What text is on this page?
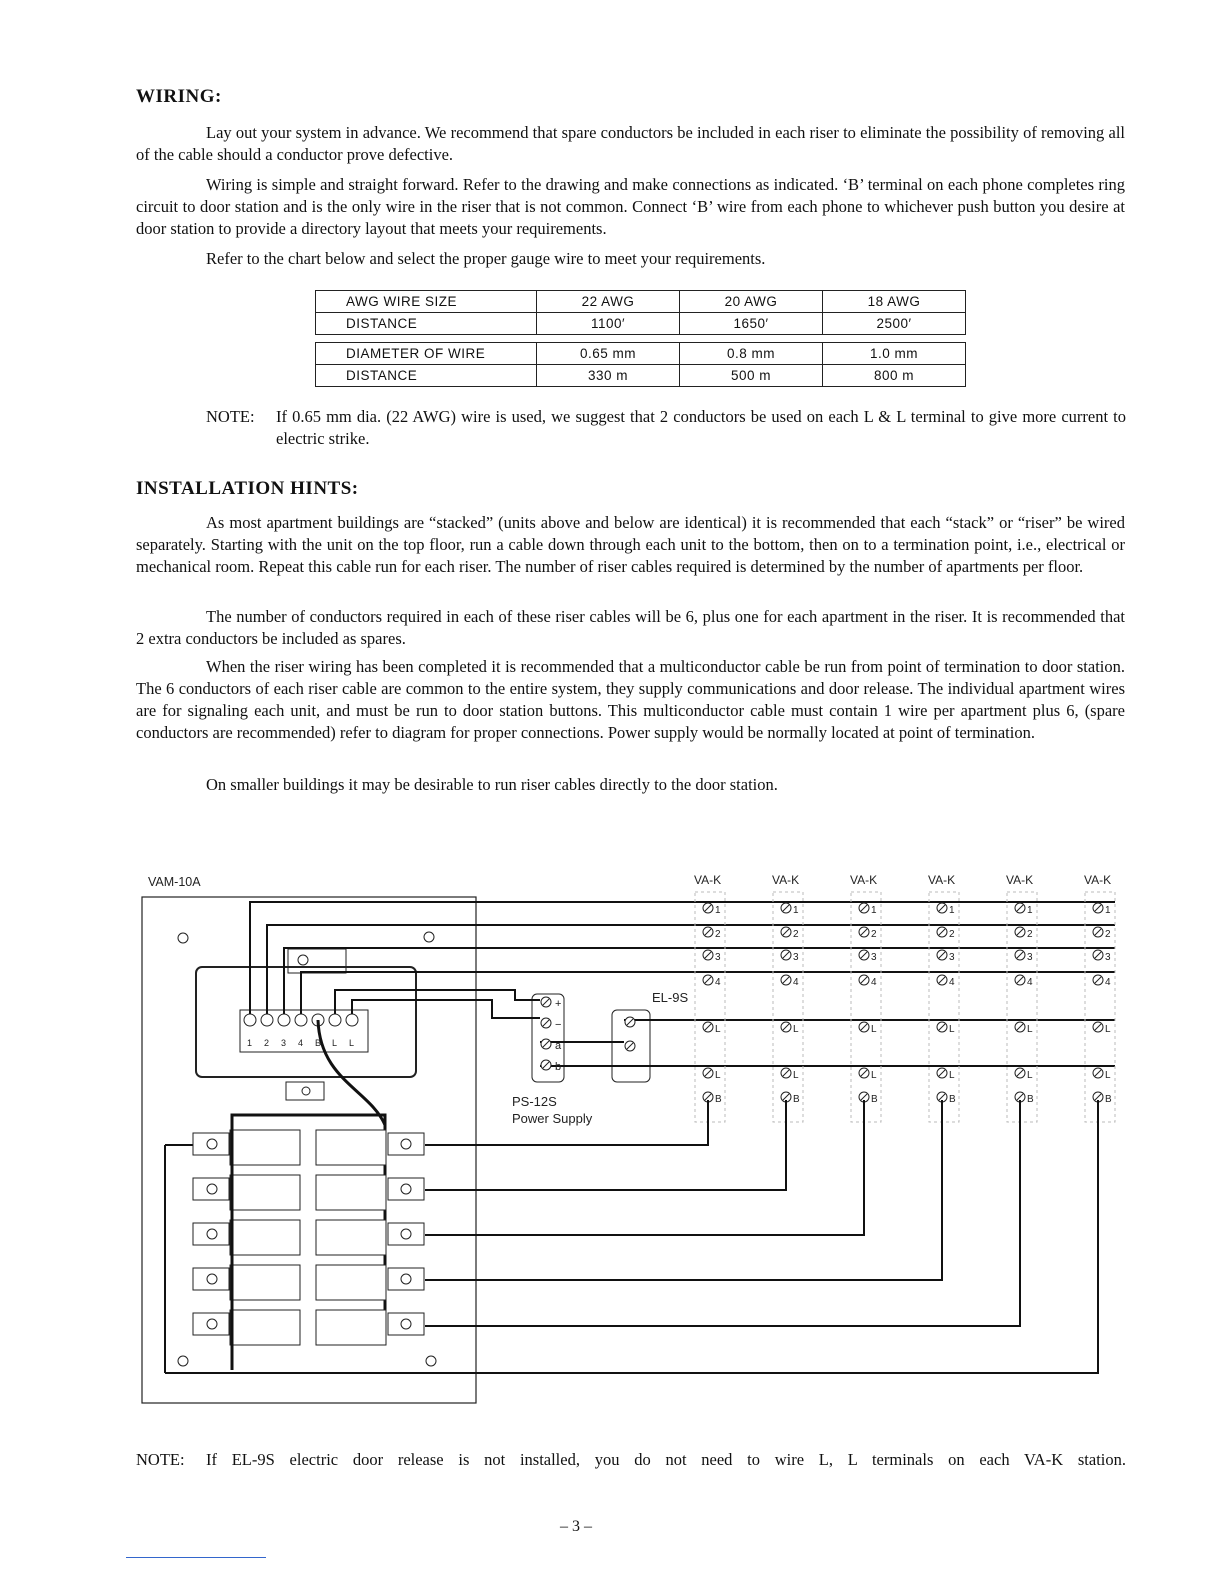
WIRING:

Lay out your system in advance. We recommend that spare conductors be included in each riser to eliminate the possibility of removing all of the cable should a conductor prove defective.

Wiring is simple and straight forward. Refer to the drawing and make connections as indicated. ‘B’ terminal on each phone completes ring circuit to door station and is the only wire in the riser that is not common. Connect ‘B’ wire from each phone to whichever push button you desire at door station to provide a directory layout that meets your requirements.

Refer to the chart below and select the proper gauge wire to meet your requirements.

AWG WIRE SIZE	22 AWG	20 AWG	18 AWG
DISTANCE	1100′	1650′	2500′
DIAMETER OF WIRE	0.65 mm	0.8 mm	1.0 mm
DISTANCE	330 m	500 m	800 m
NOTE:	If 0.65 mm dia. (22 AWG) wire is used, we suggest that 2 conductors be used on each L & L terminal to give more current to electric strike.
INSTALLATION HINTS:

As most apartment buildings are “stacked” (units above and below are identical) it is recommended that each “stack” or “riser” be wired separately. Starting with the unit on the top floor, run a cable down through each unit to the bottom, then on to a termination point, i.e., electrical or mechanical room. Repeat this cable run for each riser. The number of riser cables required is determined by the number of apartments per floor.

The number of conductors required in each of these riser cables will be 6, plus one for each apartment in the riser. It is recommended that 2 extra conductors be included as spares.

When the riser wiring has been completed it is recommended that a multiconductor cable be run from point of termination to door station. The 6 conductors of each riser cable are common to the entire system, they supply communications and door release. The individual apartment wires are for signaling each unit, and must be run to door station buttons. This multiconductor cable must contain 1 wire per apartment plus 6, (spare conductors are recommended) refer to diagram for proper connections. Power supply would be normally located at point of termination.

On smaller buildings it may be desirable to run riser cables directly to the door station.

VAM-10A
EL-9S
PS-12S
Power Supply
1 2 3 4 B L L
+
−
a
b
VA-K
1
2
3
4
L
L
B
VA-K
1
2
3
4
L
L
B
VA-K
1
2
3
4
L
L
B
VA-K
1
2
3
4
L
L
B
VA-K
1
2
3
4
L
L
B
VA-K
1
2
3
4
L
L
B
NOTE:	If EL-9S electric door release is not installed, you do not need to wire L, L terminals on each VA-K station.
– 3 –
